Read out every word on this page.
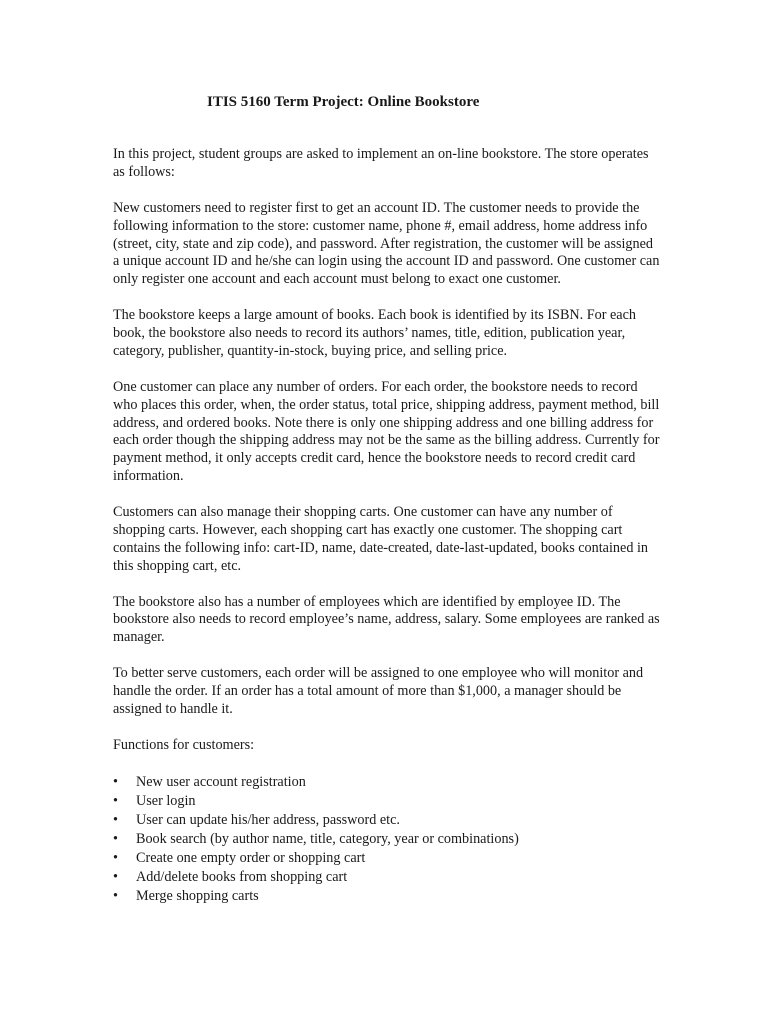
ITIS 5160 Term Project: Online Bookstore

In this project, student groups are asked to implement an on-line bookstore. The store operates as follows:

New customers need to register first to get an account ID. The customer needs to provide the following information to the store: customer name, phone #, email address, home address info (street, city, state and zip code), and password. After registration, the customer will be assigned a unique account ID and he/she can login using the account ID and password. One customer can only register one account and each account must belong to exact one customer.

The bookstore keeps a large amount of books. Each book is identified by its ISBN. For each book, the bookstore also needs to record its authors’ names, title, edition, publication year, category, publisher, quantity-in-stock, buying price, and selling price.

One customer can place any number of orders. For each order, the bookstore needs to record who places this order, when, the order status, total price, shipping address, payment method, bill address, and ordered books. Note there is only one shipping address and one billing address for each order though the shipping address may not be the same as the billing address. Currently for payment method, it only accepts credit card, hence the bookstore needs to record credit card information.

Customers can also manage their shopping carts. One customer can have any number of shopping carts. However, each shopping cart has exactly one customer. The shopping cart contains the following info: cart-ID, name, date-created, date-last-updated, books contained in this shopping cart, etc.

The bookstore also has a number of employees which are identified by employee ID. The bookstore also needs to record employee’s name, address, salary. Some employees are ranked as manager.

To better serve customers, each order will be assigned to one employee who will monitor and handle the order. If an order has a total amount of more than $1,000, a manager should be assigned to handle it.

Functions for customers:

•	New user account registration
•	User login
•	User can update his/her address, password etc.
•	Book search (by author name, title, category, year or combinations)
•	Create one empty order or shopping cart
•	Add/delete books from shopping cart
•	Merge shopping carts
